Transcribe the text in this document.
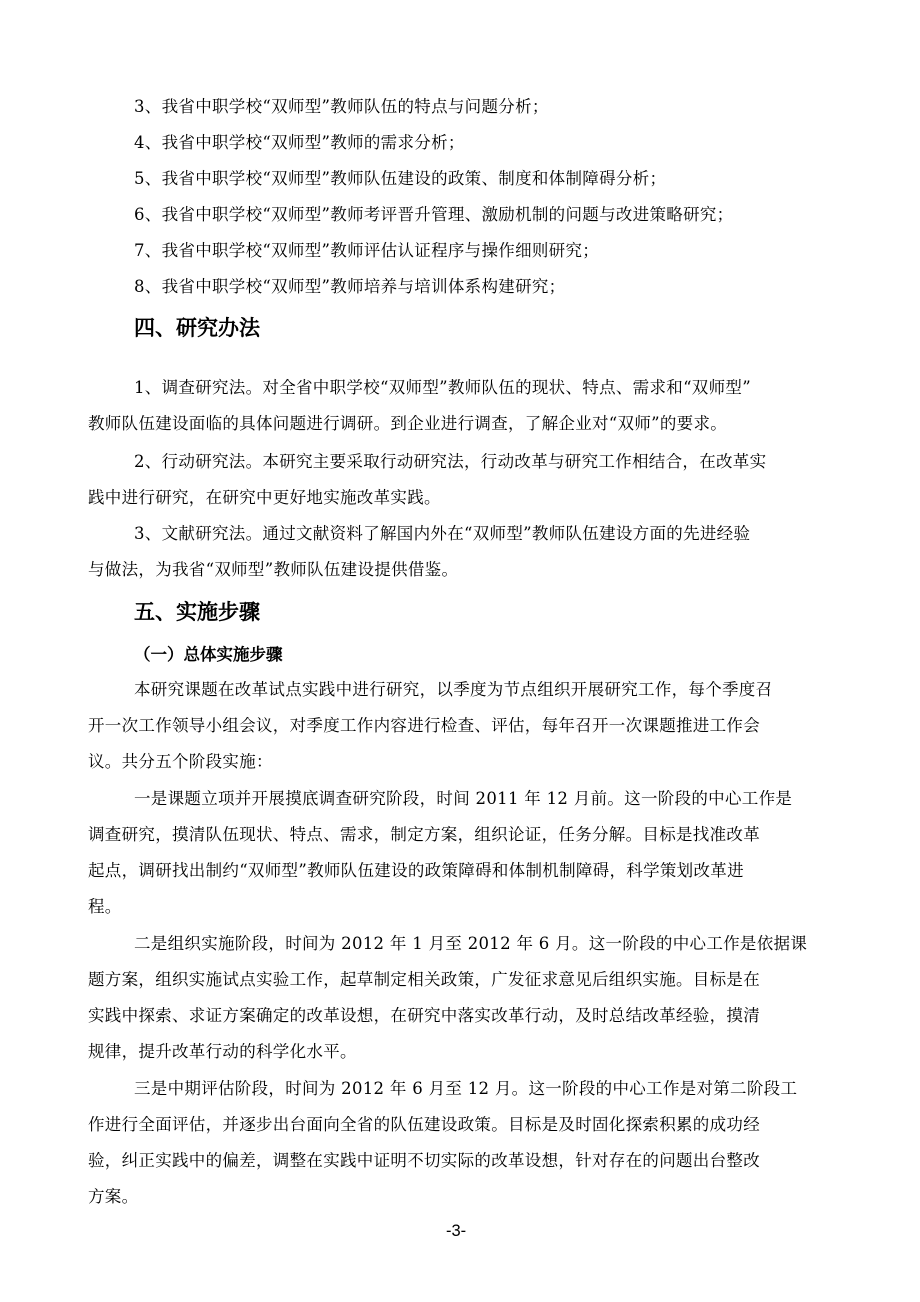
3、我省中职学校“双师型”教师队伍的特点与问题分析；
4、我省中职学校“双师型”教师的需求分析；
5、我省中职学校“双师型”教师队伍建设的政策、制度和体制障碍分析；
6、我省中职学校“双师型”教师考评晋升管理、激励机制的问题与改进策略研究；
7、我省中职学校“双师型”教师评估认证程序与操作细则研究；
8、我省中职学校“双师型”教师培养与培训体系构建研究；
四、研究办法
1、调查研究法。对全省中职学校“双师型”教师队伍的现状、特点、需求和“双师型”
教师队伍建设面临的具体问题进行调研。到企业进行调查，了解企业对“双师”的要求。
2、行动研究法。本研究主要采取行动研究法，行动改革与研究工作相结合，在改革实
践中进行研究，在研究中更好地实施改革实践。
3、文献研究法。通过文献资料了解国内外在“双师型”教师队伍建设方面的先进经验
与做法，为我省“双师型”教师队伍建设提供借鉴。
五、实施步骤
（一）总体实施步骤
本研究课题在改革试点实践中进行研究，以季度为节点组织开展研究工作，每个季度召
开一次工作领导小组会议，对季度工作内容进行检查、评估，每年召开一次课题推进工作会
议。共分五个阶段实施：
一是课题立项并开展摸底调查研究阶段，时间 2011 年 12 月前。这一阶段的中心工作是
调查研究，摸清队伍现状、特点、需求，制定方案，组织论证，任务分解。目标是找准改革
起点，调研找出制约“双师型”教师队伍建设的政策障碍和体制机制障碍，科学策划改革进
程。
二是组织实施阶段，时间为 2012 年 1 月至 2012 年 6 月。这一阶段的中心工作是依据课
题方案，组织实施试点实验工作，起草制定相关政策，广发征求意见后组织实施。目标是在
实践中探索、求证方案确定的改革设想，在研究中落实改革行动，及时总结改革经验，摸清
规律，提升改革行动的科学化水平。
三是中期评估阶段，时间为 2012 年 6 月至 12 月。这一阶段的中心工作是对第二阶段工
作进行全面评估，并逐步出台面向全省的队伍建设政策。目标是及时固化探索积累的成功经
验，纠正实践中的偏差，调整在实践中证明不切实际的改革设想，针对存在的问题出台整改
方案。
-3-
